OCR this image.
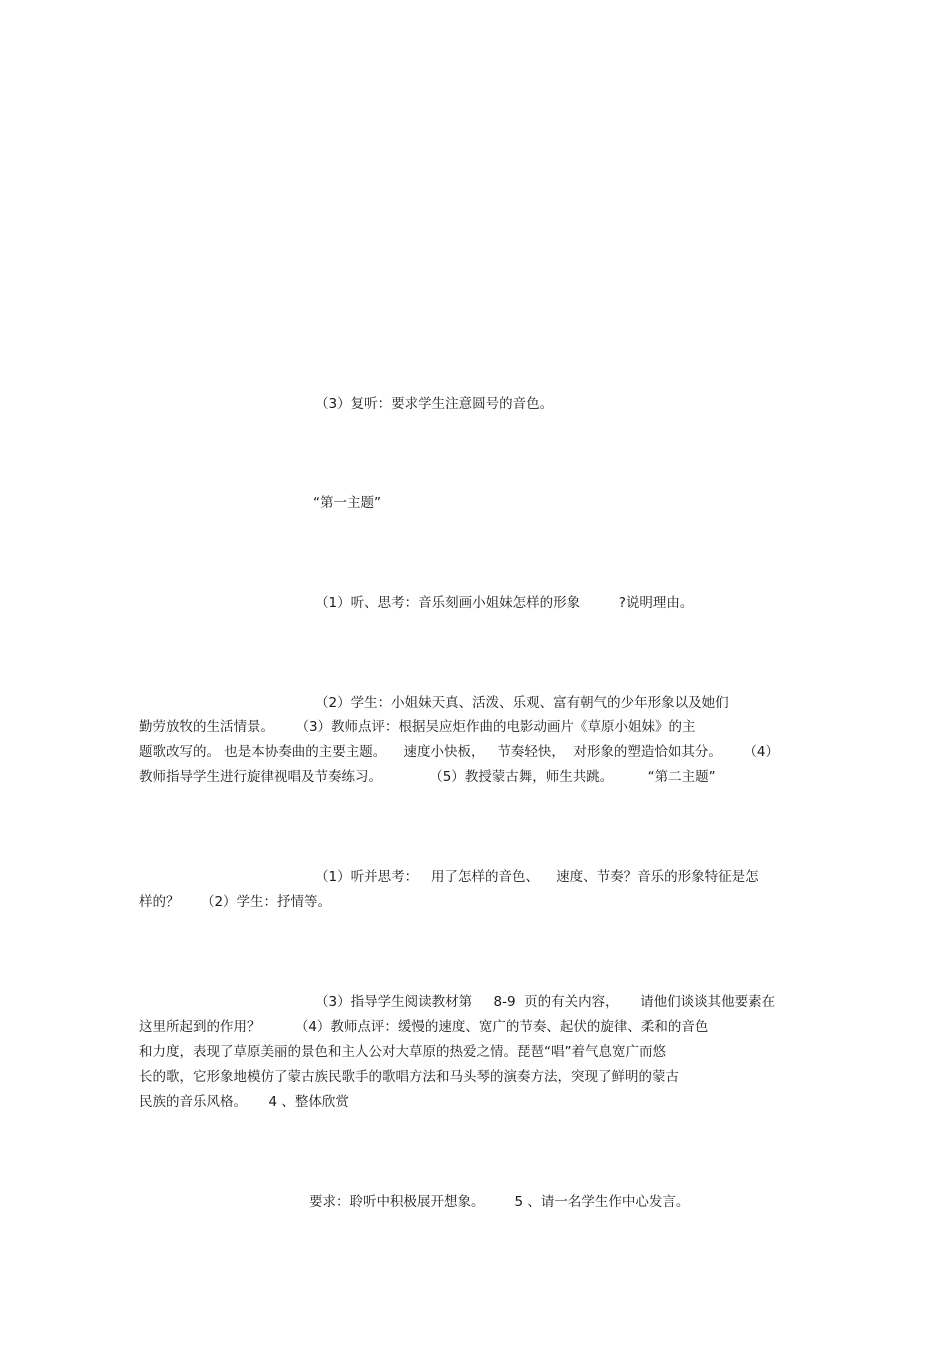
（3）复听：要求学生注意圆号的音色。

“第一主题”

（1）听、思考：音乐刻画小姐妹怎样的形象         ?说明理由。

（2）学生：小姐妹天真、活泼、乐观、富有朝气的少年形象以及她们

勤劳放牧的生活情景。     （3）教师点评：根据吴应炬作曲的电影动画片《草原小姐妹》的主

题歌改写的。 也是本协奏曲的主要主题。    速度小快板，   节奏轻快，  对形象的塑造恰如其分。     （4）

教师指导学生进行旋律视唱及节奏练习。           （5）教授蒙古舞，师生共跳。        “第二主题”

（1）听并思考：   用了怎样的音色、    速度、节奏？音乐的形象特征是怎

样的？     （2）学生：抒情等。

（3）指导学生阅读教材第     8-9  页的有关内容，     请他们谈谈其他要素在

这里所起到的作用？        （4）教师点评：缓慢的速度、宽广的节奏、起伏的旋律、柔和的音色

和力度，表现了草原美丽的景色和主人公对大草原的热爱之情。琵琶“唱”着气息宽广而悠

长的歌，它形象地模仿了蒙古族民歌手的歌唱方法和马头琴的演奏方法，突现了鲜明的蒙古

民族的音乐风格。     4 、整体欣赏

要求：聆听中积极展开想象。       5 、请一名学生作中心发言。
